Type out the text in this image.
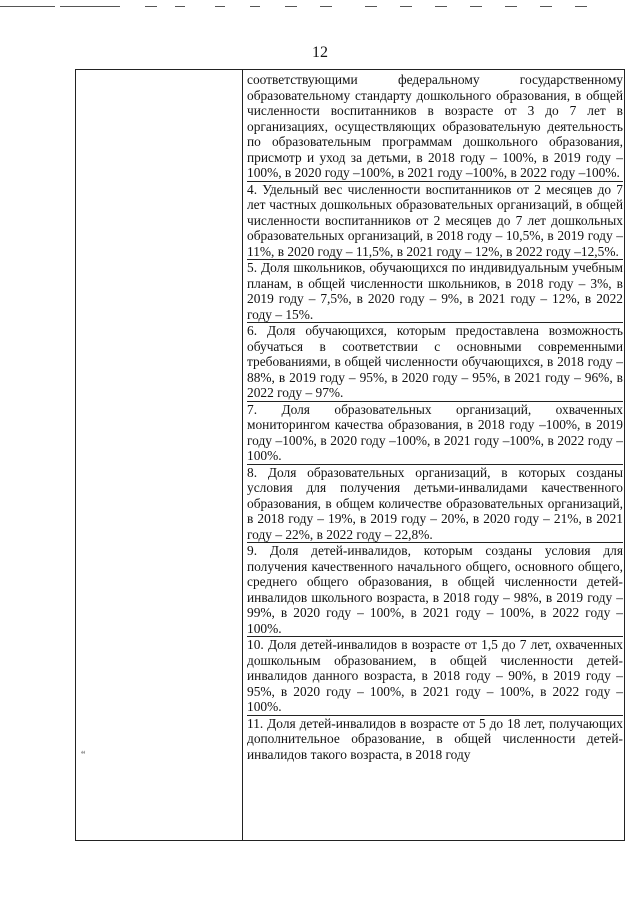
12
“

соответствующими федеральному государственному образовательному стандарту дошкольного образования, в общей численности воспитанников в возрасте от 3 до 7 лет в организациях, осуществляющих образовательную деятельность по образовательным программам дошкольного образования, присмотр и уход за детьми, в 2018 году – 100%, в 2019 году –100%, в 2020 году –100%, в 2021 году –100%, в 2022 году –100%.

4. Удельный вес численности воспитанников от 2 месяцев до 7 лет частных дошкольных образовательных организаций, в общей численности воспитанников от 2 месяцев до 7 лет дошкольных образовательных организаций, в 2018 году – 10,5%, в 2019 году – 11%, в 2020 году – 11,5%, в 2021 году – 12%, в 2022 году –12,5%.

5. Доля школьников, обучающихся по индивидуальным учебным планам, в общей численности школьников, в 2018 году – 3%, в 2019 году – 7,5%, в 2020 году – 9%, в 2021 году – 12%, в 2022 году – 15%.

6. Доля обучающихся, которым предоставлена возможность обучаться в соответствии с основными современными требованиями, в общей численности обучающихся, в 2018 году – 88%, в 2019 году – 95%, в 2020 году – 95%, в 2021 году – 96%, в 2022 году – 97%.

7. Доля образовательных организаций, охваченных мониторингом качества образования, в 2018 году –100%, в 2019 году –100%, в 2020 году –100%, в 2021 году –100%, в 2022 году –100%.

8. Доля образовательных организаций, в которых созданы условия для получения детьми-инвалидами качественного образования, в общем количестве образовательных организаций, в 2018 году – 19%, в 2019 году – 20%, в 2020 году – 21%, в 2021 году – 22%, в 2022 году – 22,8%.

9. Доля детей-инвалидов, которым созданы условия для получения качественного начального общего, основного общего, среднего общего образования, в общей численности детей-инвалидов школьного возраста, в 2018 году – 98%, в 2019 году – 99%, в 2020 году – 100%, в 2021 году – 100%, в 2022 году – 100%.

10. Доля детей-инвалидов в возрасте от 1,5 до 7 лет, охваченных дошкольным образованием, в общей численности детей-инвалидов данного возраста, в 2018 году – 90%, в 2019 году – 95%, в 2020 году – 100%, в 2021 году – 100%, в 2022 году – 100%.

11. Доля детей-инвалидов в возрасте от 5 до 18 лет, получающих дополнительное образование, в общей численности детей-инвалидов такого возраста, в 2018 году
